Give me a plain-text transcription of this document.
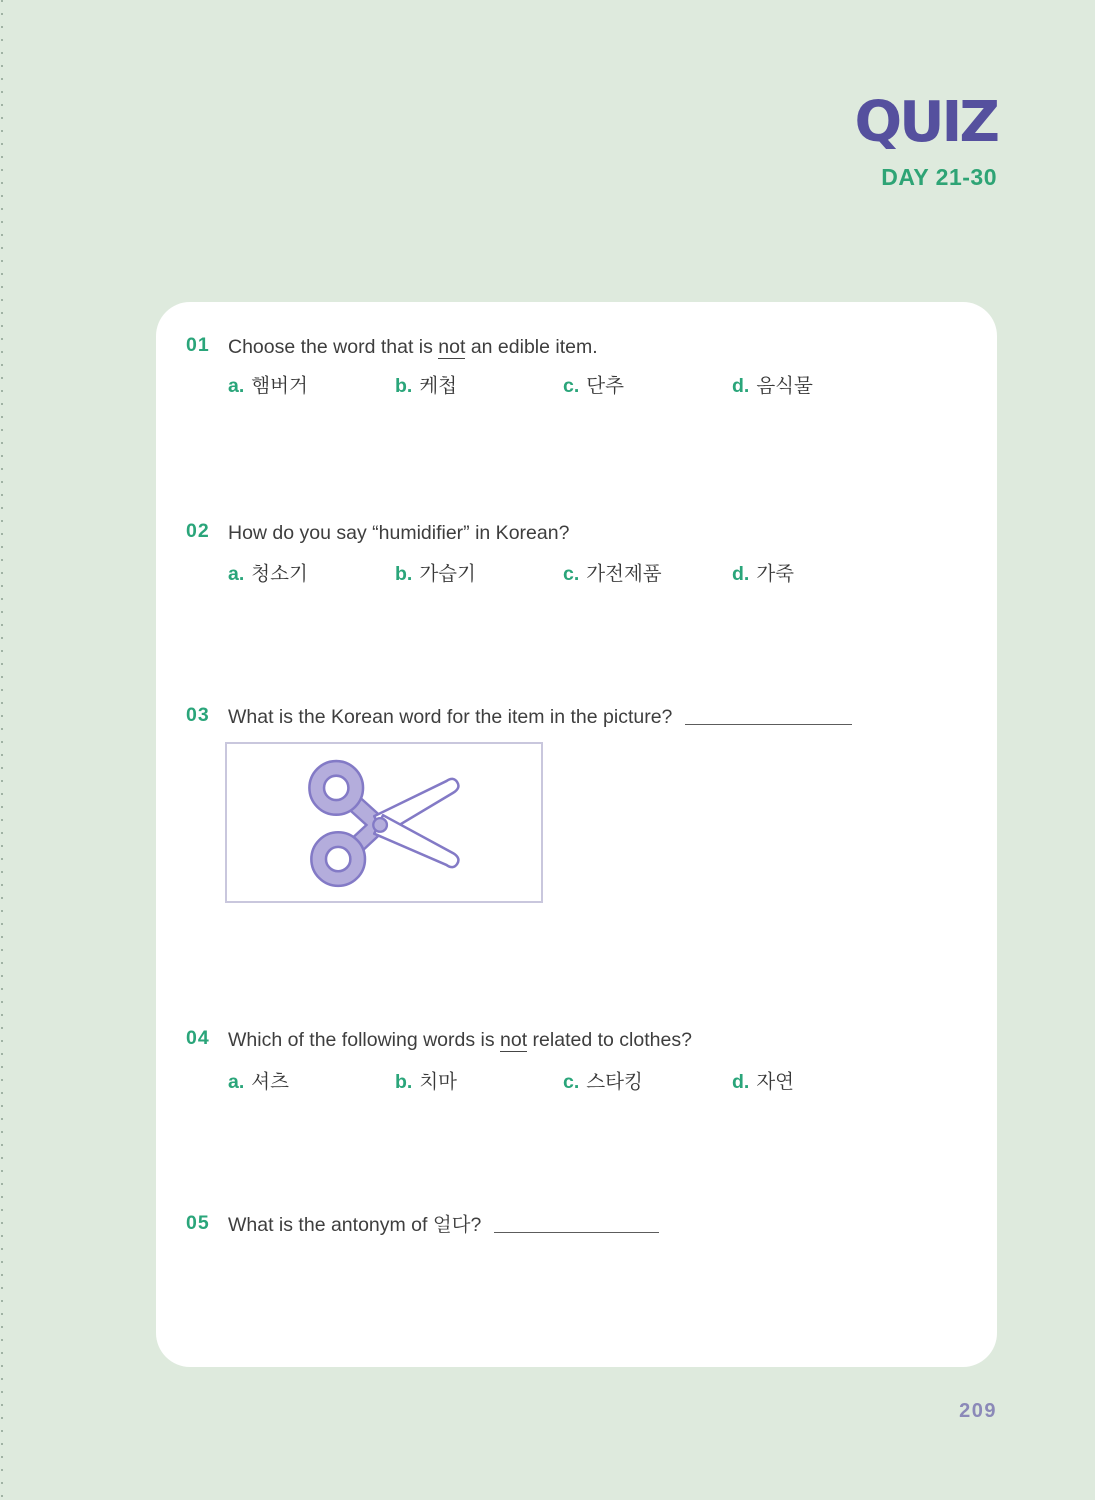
QUIZ
DAY 21-30
01 Choose the word that is not an edible item.
a. 햄버거	b. 케첩	c. 단추	d. 음식물
02 How do you say “humidifier” in Korean?
a. 청소기	b. 가습기	c. 가전제품	d. 가죽
03 What is the Korean word for the item in the picture?
04 Which of the following words is not related to clothes?
a. 셔츠	b. 치마	c. 스타킹	d. 자연
05 What is the antonym of 얼다?
209
